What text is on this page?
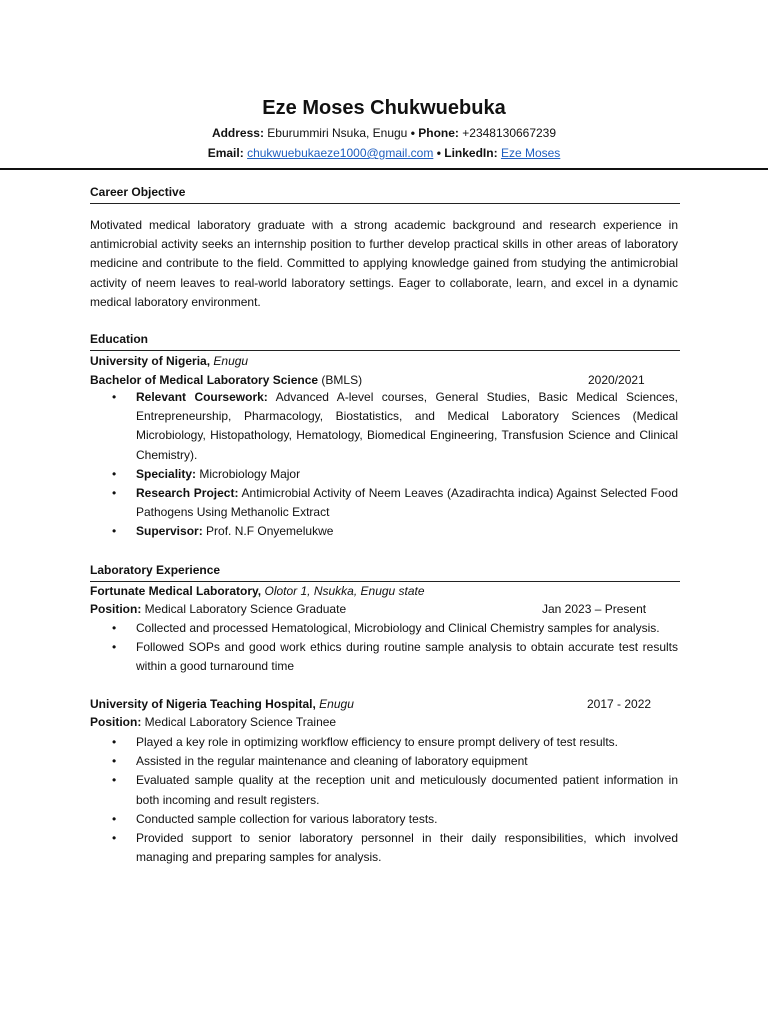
Eze Moses Chukwuebuka
Address: Eburummiri Nsuka, Enugu • Phone: +2348130667239
Email: chukwuebukaeze1000@gmail.com • LinkedIn: Eze Moses
Career Objective
Motivated medical laboratory graduate with a strong academic background and research experience in antimicrobial activity seeks an internship position to further develop practical skills in other areas of laboratory medicine and contribute to the field. Committed to applying knowledge gained from studying the antimicrobial activity of neem leaves to real-world laboratory settings. Eager to collaborate, learn, and excel in a dynamic medical laboratory environment.
Education
University of Nigeria, Enugu
Bachelor of Medical Laboratory Science (BMLS)	2020/2021
• Relevant Coursework: Advanced A-level courses, General Studies, Basic Medical Sciences, Entrepreneurship, Pharmacology, Biostatistics, and Medical Laboratory Sciences (Medical Microbiology, Histopathology, Hematology, Biomedical Engineering, Transfusion Science and Clinical Chemistry).
• Speciality: Microbiology Major
• Research Project: Antimicrobial Activity of Neem Leaves (Azadirachta indica) Against Selected Food Pathogens Using Methanolic Extract
• Supervisor: Prof. N.F Onyemelukwe
Laboratory Experience
Fortunate Medical Laboratory, Olotor 1, Nsukka, Enugu state
Position: Medical Laboratory Science Graduate	Jan 2023 – Present
• Collected and processed Hematological, Microbiology and Clinical Chemistry samples for analysis.
• Followed SOPs and good work ethics during routine sample analysis to obtain accurate test results within a good turnaround time
University of Nigeria Teaching Hospital, Enugu	2017 - 2022
Position: Medical Laboratory Science Trainee
• Played a key role in optimizing workflow efficiency to ensure prompt delivery of test results.
• Assisted in the regular maintenance and cleaning of laboratory equipment
• Evaluated sample quality at the reception unit and meticulously documented patient information in both incoming and result registers.
• Conducted sample collection for various laboratory tests.
• Provided support to senior laboratory personnel in their daily responsibilities, which involved managing and preparing samples for analysis.
